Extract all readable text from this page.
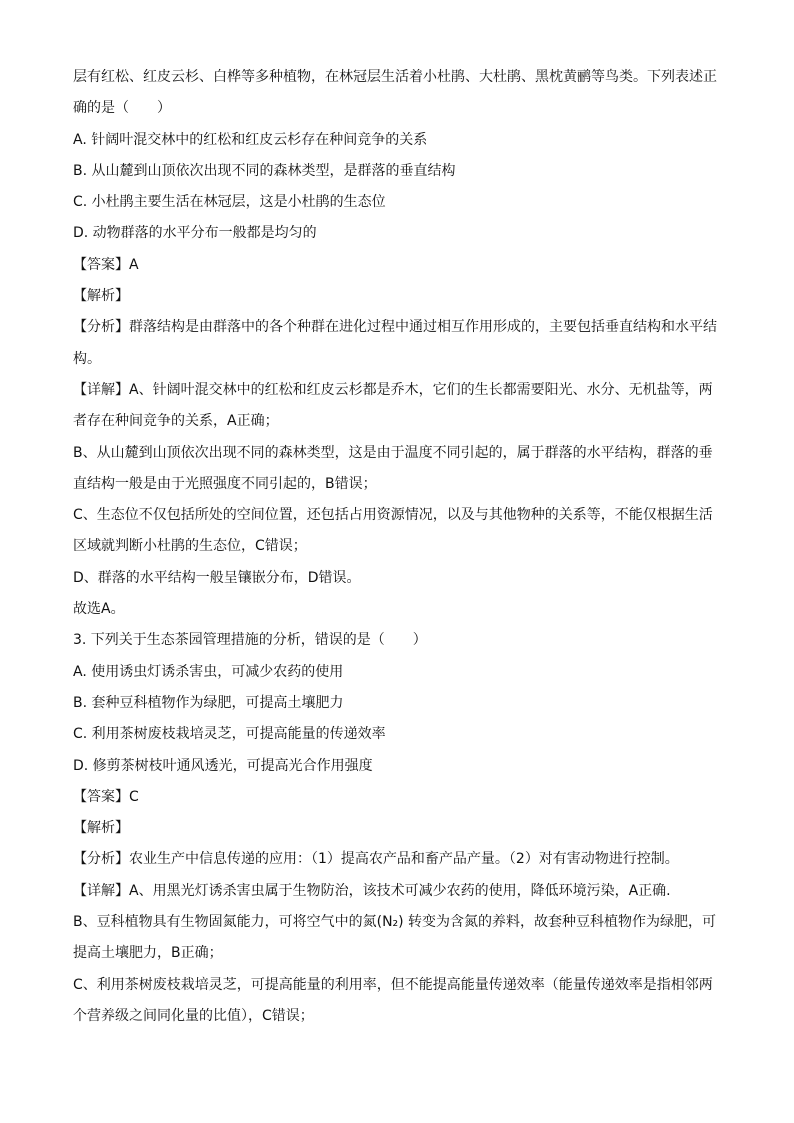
层有红松、红皮云杉、白桦等多种植物，在林冠层生活着小杜鹃、大杜鹃、黑枕黄鹂等鸟类。下列表述正
确的是（　　）
A. 针阔叶混交林中的红松和红皮云杉存在种间竞争的关系
B. 从山麓到山顶依次出现不同的森林类型，是群落的垂直结构
C. 小杜鹃主要生活在林冠层，这是小杜鹃的生态位
D. 动物群落的水平分布一般都是均匀的
【答案】A
【解析】
【分析】群落结构是由群落中的各个种群在进化过程中通过相互作用形成的，主要包括垂直结构和水平结构。
【详解】A、针阔叶混交林中的红松和红皮云杉都是乔木，它们的生长都需要阳光、水分、无机盐等，两者存在种间竞争的关系，A正确；
B、从山麓到山顶依次出现不同的森林类型，这是由于温度不同引起的，属于群落的水平结构，群落的垂直结构一般是由于光照强度不同引起的，B错误；
C、生态位不仅包括所处的空间位置，还包括占用资源情况，以及与其他物种的关系等，不能仅根据生活区域就判断小杜鹃的生态位，C错误；
D、群落的水平结构一般呈镶嵌分布，D错误。
故选A。
3. 下列关于生态茶园管理措施的分析，错误的是（　　）
A. 使用诱虫灯诱杀害虫，可减少农药的使用
B. 套种豆科植物作为绿肥，可提高土壤肥力
C. 利用茶树废枝栽培灵芝，可提高能量的传递效率
D. 修剪茶树枝叶通风透光，可提高光合作用强度
【答案】C
【解析】
【分析】农业生产中信息传递的应用：（1）提高农产品和畜产品产量。（2）对有害动物进行控制。
【详解】A、用黑光灯诱杀害虫属于生物防治，该技术可减少农药的使用，降低环境污染，A正确.
B、豆科植物具有生物固氮能力，可将空气中的氮(N₂) 转变为含氮的养料，故套种豆科植物作为绿肥，可提高土壤肥力，B正确；
C、利用茶树废枝栽培灵芝，可提高能量的利用率，但不能提高能量传递效率（能量传递效率是指相邻两个营养级之间同化量的比值），C错误；
